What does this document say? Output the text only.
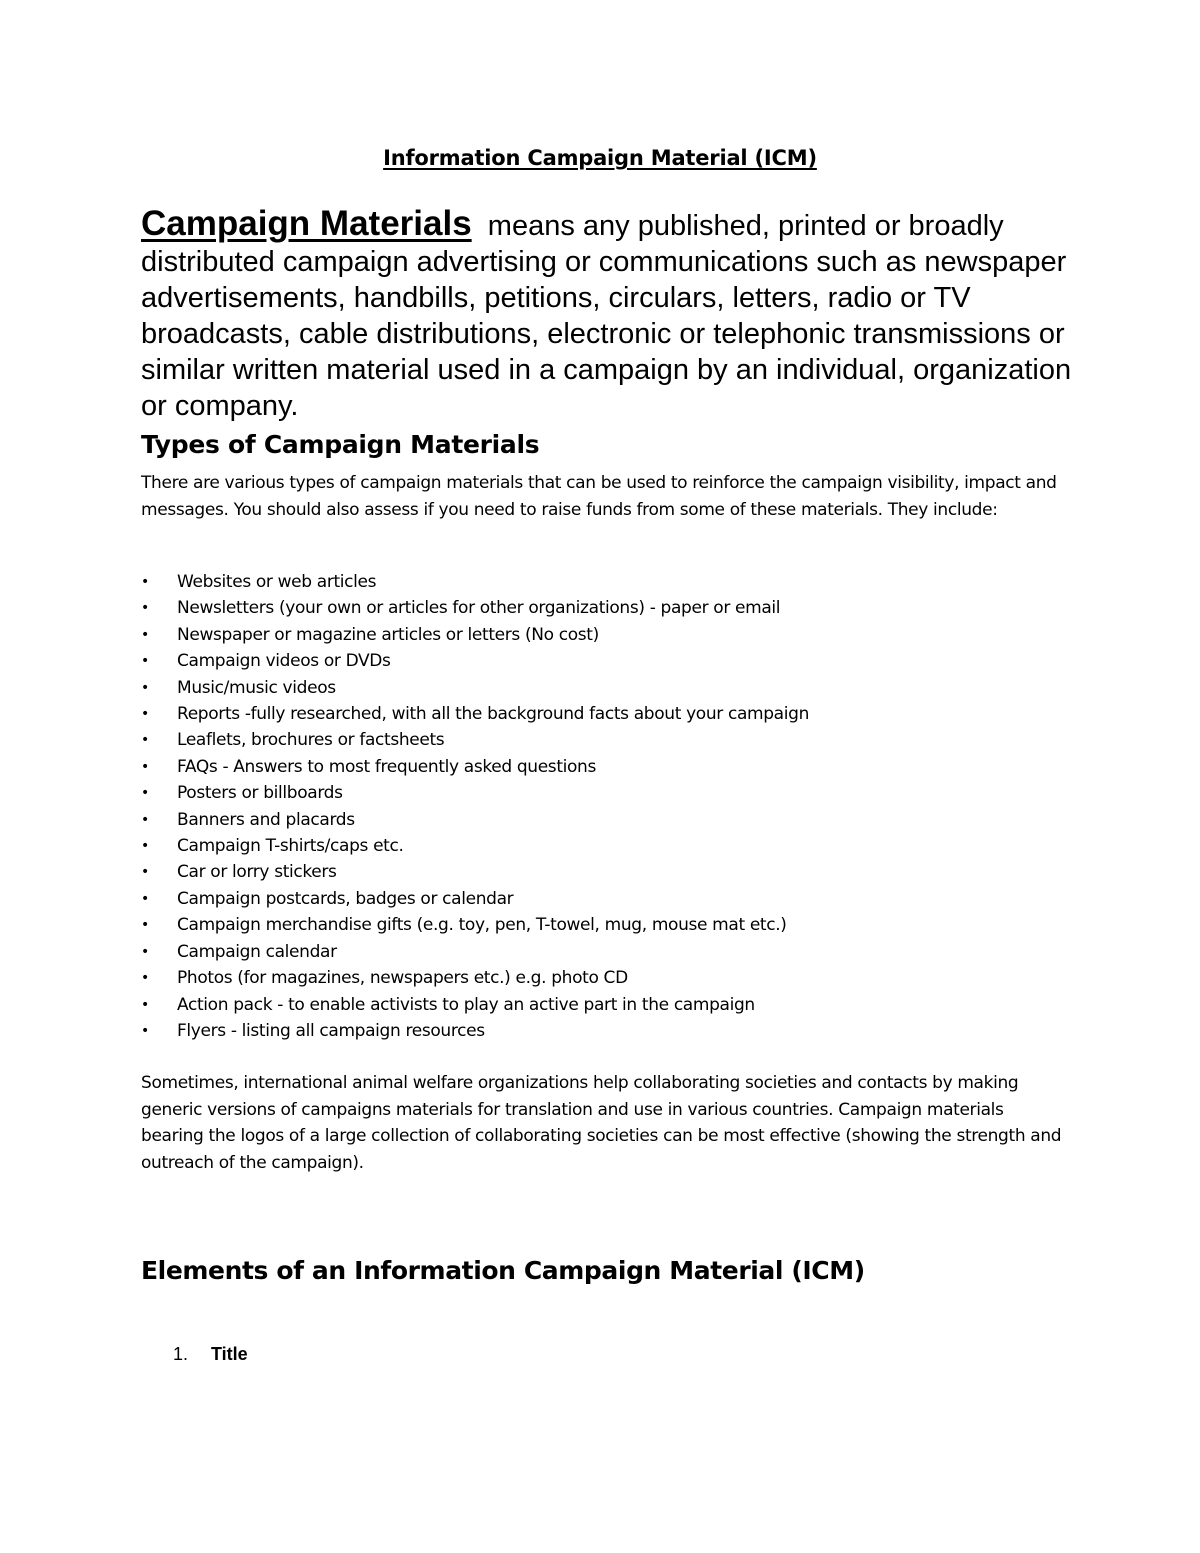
Information Campaign Material (ICM)

Campaign Materials means any published, printed or broadly distributed campaign advertising or communications such as newspaper advertisements, handbills, petitions, circulars, letters, radio or TV broadcasts, cable distributions, electronic or telephonic transmissions or similar written material used in a campaign by an individual, organization or company.

Types of Campaign Materials

There are various types of campaign materials that can be used to reinforce the campaign visibility, impact and messages. You should also assess if you need to raise funds from some of these materials. They include:

• Websites or web articles
• Newsletters (your own or articles for other organizations) - paper or email
• Newspaper or magazine articles or letters (No cost)
• Campaign videos or DVDs
• Music/music videos
• Reports -fully researched, with all the background facts about your campaign
• Leaflets, brochures or factsheets
• FAQs - Answers to most frequently asked questions
• Posters or billboards
• Banners and placards
• Campaign T-shirts/caps etc.
• Car or lorry stickers
• Campaign postcards, badges or calendar
• Campaign merchandise gifts (e.g. toy, pen, T-towel, mug, mouse mat etc.)
• Campaign calendar
• Photos (for magazines, newspapers etc.) e.g. photo CD
• Action pack - to enable activists to play an active part in the campaign
• Flyers - listing all campaign resources

Sometimes, international animal welfare organizations help collaborating societies and contacts by making generic versions of campaigns materials for translation and use in various countries. Campaign materials bearing the logos of a large collection of collaborating societies can be most effective (showing the strength and outreach of the campaign).

Elements of an Information Campaign Material (ICM)
1. Title
